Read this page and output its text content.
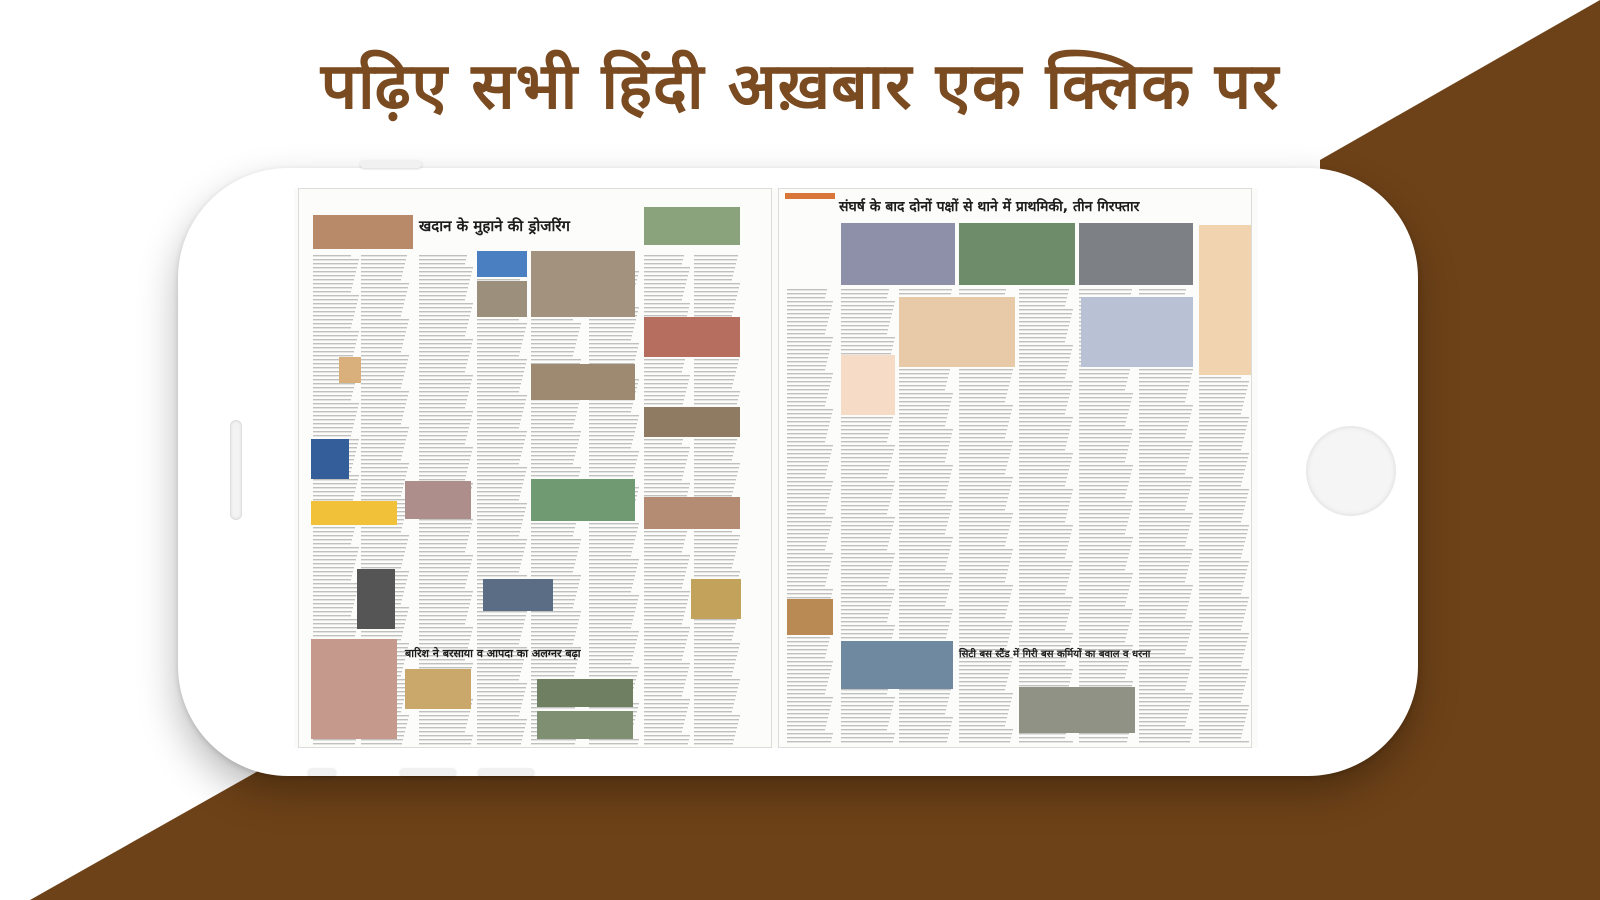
पढ़िए सभी हिंदी अख़बार एक क्लिक पर
खदान के मुहाने की ड्रोजरिंग
बारिश ने बरसाया व आपदा का अलग्नर बढ़ा
संघर्ष के बाद दोनों पक्षों से थाने में प्राथमिकी, तीन गिरफ्तार
सिटी बस स्टैंड में गिरी बस कर्मियों का बवाल व धरना
